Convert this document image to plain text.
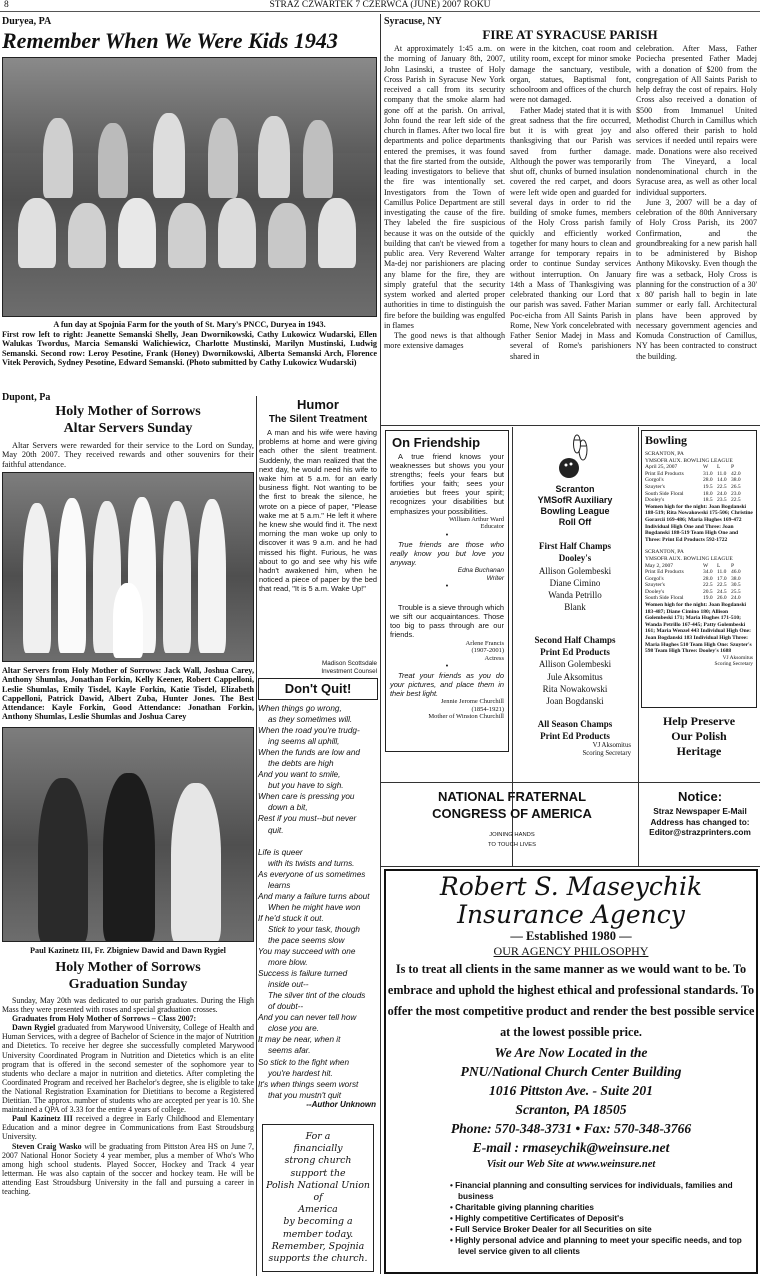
8	STRAZ CZWARTEK 7 CZERWCA (JUNE) 2007 ROKU
Duryea, PA
Remember When We Were Kids 1943
A fun day at Spojnia Farm for the youth of St. Mary's PNCC, Duryea in 1943.
First row left to right: Jeanette Semanski Shelly, Jean Dwornikowski, Cathy Lukowicz Wudarski, Ellen Walukas Twordus, Marcia Semanski Walichiewicz, Charlotte Mustinski, Marilyn Mustinski, Ludwig Semanski. Second row: Leroy Pesotine, Frank (Honey) Dwornikowski, Alberta Semanski Arch, Florence Vitek Perovich, Sydney Pesotine, Edward Semanski. (Photo submitted by Cathy Lukowicz Wudarski)
Dupont, Pa
Holy Mother of Sorrows
Altar Servers Sunday
Altar Servers were rewarded for their service to the Lord on Sunday, May 20th 2007. They received rewards and other souvenirs for their faithful attendance.
Altar Servers from Holy Mother of Sorrows: Jack Wall, Joshua Carey, Anthony Shumlas, Jonathan Forkin, Kelly Keener, Robert Cappelloni, Leslie Shumlas, Emily Tisdel, Kayle Forkin, Katie Tisdel, Elizabeth Cappelloni, Patrick Dawid, Albert Zuba, Hunter Jones. The Best Attendance: Kayle Forkin, Good Attendance: Jonathan Forkin, Anthony Shumlas, Leslie Shumlas and Joshua Carey
Paul Kazinetz III, Fr. Zbigniew Dawid and Dawn Rygiel
Holy Mother of Sorrows
Graduation Sunday
Sunday, May 20th was dedicated to our parish graduates. During the High Mass they were presented with roses and special graduation crosses.
Graduates from Holy Mother of Sorrows – Class 2007:
Dawn Rygiel graduated from Marywood University, College of Health and Human Services, with a degree of Bachelor of Science in the major of Nutrition and Dietetics. To receive her degree she successfully completed Marywood University Coordinated Program in Nutrition and Dietetics which is an elite program that is offered in the second semester of the sophomore year to students who declare a major in nutrition and dietetics. After completing the Coordinated Program and received her Bachelor's degree, she is eligible to take the National Registration Examination for Dietitians to become a Registered Dietitian. The approx. number of students who are accepted per year is 10. She maintained a QPA of 3.33 for the entire 4 years of college.
Paul Kazinetz III received a degree in Early Childhood and Elementary Education and a minor degree in Communications from East Stroudsburg University.
Steven Craig Wasko will be graduating from Pittston Area HS on June 7, 2007 National Honor Society 4 year member, plus a member of Who's Who among high school students. Played Soccer, Hockey and Track 4 year letterman. He was also captain of the soccer and hockey team. He will be attending East Stroudsburg University in the fall and pursuing a career in teaching.
Humor
The Silent Treatment
A man and his wife were having problems at home and were giving each other the silent treatment. Suddenly, the man realized that the next day, he would need his wife to wake him at 5 a.m. for an early business flight. Not wanting to be the first to break the silence, he wrote on a piece of paper, "Please wake me at 5 a.m." He left it where he knew she would find it. The next morning the man woke up only to discover it was 9 a.m. and he had missed his flight. Furious, he was about to go and see why his wife hadn't awakened him, when he noticed a piece of paper by the bed that read, "It is 5 a.m. Wake Up!"
Madison Scottsdale
Investment Counsel
Don't Quit!
When things go wrong,
as they sometimes will.
When the road you're trudg-
ing seems all uphill,
When the funds are low and
the debts are high
And you want to smile,
but you have to sigh.
When care is pressing you
down a bit,
Rest if you must--but never
quit.

Life is queer
with its twists and turns.
As everyone of us sometimes
learns
And many a failure turns about
When he might have won
If he'd stuck it out.
Stick to your task, though
the pace seems slow
You may succeed with one
more blow.
Success is failure turned
inside out--
The silver tint of the clouds
of doubt--
And you can never tell how
close you are.
It may be near, when it
seems afar.
So stick to the fight when
you're hardest hit.
It's when things seem worst
that you mustn't quit
--Author Unknown
For a
financially
strong church
support the
Polish National Union of
America
by becoming a
member today.
Remember, Spojnia
supports the church.
Syracuse, NY
FIRE AT SYRACUSE PARISH
At approximately 1:45 a.m. on the morning of January 8th, 2007, John Lasinski, a trustee of Holy Cross Parish in Syracuse New York received a call from its security company that the smoke alarm had gone off at the parish. On arrival, John found the rear left side of the church in flames. After two local fire departments and police departments entered the premises, it was found that the fire started from the outside, leading investigators to believe that the fire was intentionally set. Investigators from the Town of Camillus Police Department are still investigating the cause of the fire. They labeled the fire suspicious because it was on the outside of the building that can't be viewed from a public area. Very Reverend Walter Ma-dej nor parishioners are placing any blame for the fire, they are simply grateful that the security system worked and alerted proper authorities in time to distinguish the fire before the building was engulfed in flames
The good news is that although more extensive damages
were in the kitchen, coat room and utility room, except for minor smoke damage the sanctuary, vestibule, organ, statues, Baptismal font, schoolroom and offices of the church were not damaged.
Father Madej stated that it is with great sadness that the fire occurred, but it is with great joy and thanksgiving that our Parish was saved from further damage. Although the power was temporarily shut off, chunks of burned insulation covered the red carpet, and doors were left wide open and guarded for several days in order to rid the building of smoke fumes, members of the Holy Cross parish family quickly and efficiently worked together for many hours to clean and arrange for temporary repairs in order to continue Sunday services without interruption. On January 14th a Mass of Thanksgiving was celebrated thanking our Lord that our parish was saved. Father Marian Poc-eicha from All Saints Parish in Rome, New York concelebrated with Father Senior Madej in Mass and several of Rome's parishioners shared in
celebration. After Mass, Father Pociecha presented Father Madej with a donation of $200 from the congregation of All Saints Parish to help defray the cost of repairs. Holy Cross also received a donation of $500 from Immanuel United Methodist Church in Camillus which also offered their parish to hold services if needed until repairs were made. Donations were also received from The Vineyard, a local nondenominational church in the Syracuse area, as well as other local individual supporters.
June 3, 2007 will be a day of celebration of the 80th Anniversary of Holy Cross Parish, its 2007 Confirmation, and the groundbreaking for a new parish hall to be administered by Bishop Anthony Mikovsky. Even though the fire was a setback, Holy Cross is planning for the construction of a 30' x 80' parish hall to begin in late summer or early fall. Architectural plans have been approved by necessary government agencies and Komuda Construction of Camillus, NY has been contracted to construct the building.
On Friendship
A true friend knows your weaknesses but shows you your strengths; feels your fears but fortifies your faith; sees your anxieties but frees your spirit; recognizes your disabilities but emphasizes your possibilities.
William Arthur Ward
Educator
•
True friends are those who really know you but love you anyway.
Edna Buchanan
Writer
•
Trouble is a sieve through which we sift our acquaintances. Those too big to pass through are our friends.
Arlene Francis
(1907-2001)
Actress
•
Treat your friends as you do your pictures, and place them in their best light.
Jennie Jerome Churchill
(1854-1921)
Mother of Winston Churchill
Scranton
YMSofR Auxiliary
Bowling League
Roll Off
First Half Champs
Dooley's
Allison Golembeski
Diane Cimino
Wanda Petrillo
Blank
Second Half Champs
Print Ed Products
Allison Golembeski
Jule Aksomitus
Rita Nowakowski
Joan Bogdanski
All Season Champs
Print Ed Products
VJ Aksomitus
Scoring Secretary
Bowling
SCRANTON, PA
YMSOFR AUX. BOWLING LEAGUE
April 25, 2007	W	L	P
Print Ed Products	31.0 11.0 42.0
Gorgol's	28.0 14.0 38.0
Szuyter's	19.5 22.5 26.5
South Side Floral	18.0 24.0 23.0
Dooley's	18.5 23.5 22.5
Women high for the night: Joan Bogdanski 188-519; Rita Nowakowski 175-506; Christine Gorarcii 169-486; Maria Hughes 169-472 Individual High One and Three: Joan Bogdanski 188-519 Team High One and Three: Print Ed Products 592-1722
SCRANTON, PA
YMSOFR AUX. BOWLING LEAGUE
May 2, 2007	W	L	P
Print Ed Products	34.0 11.0 46.0
Gorgol's	28.0 17.0 38.0
Szuyter's	22.5 22.5 30.5
Dooley's	20.5 24.5 25.5
South Side Floral	19.0 26.0 24.0
Women high for the night: Joan Bogdanski 183-487; Diane Cimino 180; Allison Golembeski 171; Maria Hughes 171-510; Wanda Petrillo 167-445; Patty Golembeski 161; Maria Wenzel 443 Individual High One: Joan Bogdanski 183 Individual High Three: Maria Hughes 510 Team High One: Szuyter's 598 Team High Three: Dooley's 1688
VJ Aksomitus
Scoring Secretary
Help Preserve
Our Polish
Heritage
NATIONAL FRATERNAL
CONGRESS OF AMERICA
JOINING HANDS
TO TOUCH LIVES
Notice:
Straz Newspaper E-Mail
Address has changed to:
Editor@strazprinters.com
Robert S. Maseychik
Insurance Agency
— Established 1980 —
OUR AGENCY PHILOSOPHY
Is to treat all clients in the same manner as we would want to be. To embrace and uphold the highest ethical and professional standards. To offer the most competitive product and render the best possible service at the lowest possible price.
We Are Now Located in the
PNU/National Church Center Building
1016 Pittston Ave. - Suite 201
Scranton, PA 18505
Phone: 570-348-3731 • Fax: 570-348-3766
E-mail : rmaseychik@weinsure.net
Visit our Web Site at www.weinsure.net
• Financial planning and consulting services for individuals, families and business
• Charitable giving planning charities
• Highly competitive Certificates of Deposit's
• Full Service Broker Dealer for all Securities on site
• Highly personal advice and planning to meet your specific needs, and top level service given to all clients
